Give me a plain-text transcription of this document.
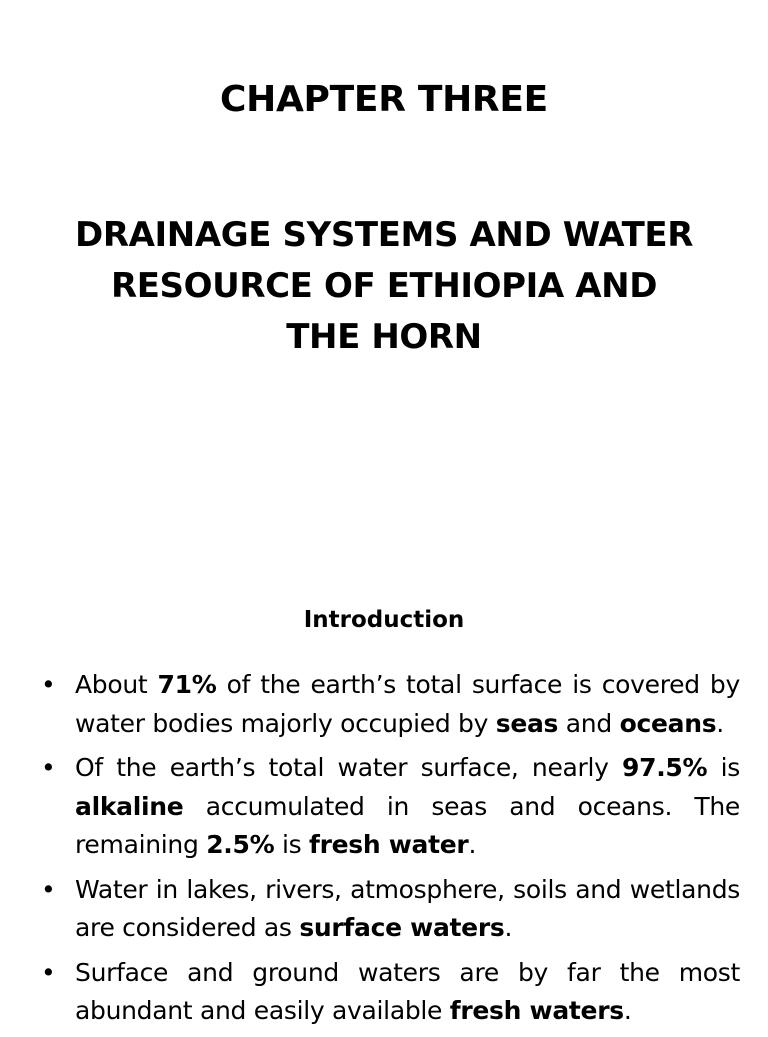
CHAPTER THREE
DRAINAGE SYSTEMS AND WATER
RESOURCE OF ETHIOPIA AND
THE HORN
Introduction
• About 71% of the earth’s total surface is covered by water bodies majorly occupied by seas and oceans.
• Of the earth’s total water surface, nearly 97.5% is alkaline accumulated in seas and oceans. The remaining 2.5% is fresh water.
• Water in lakes, rivers, atmosphere, soils and wetlands are considered as surface waters.
• Surface and ground waters are by far the most abundant and easily available fresh waters.
